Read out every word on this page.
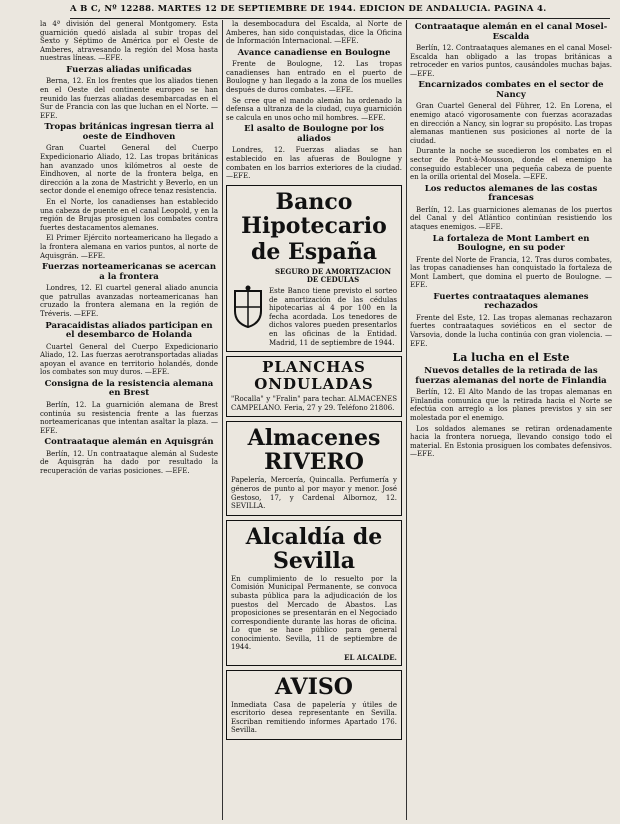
A B C, Nº 12288. MARTES 12 DE SEPTIEMBRE DE 1944. EDICION DE ANDALUCIA. PAGINA 4.

la 4ª división del general Montgomery. Esta guarnición quedó aislada al subir tropas del Sexto y Séptimo de América por el Oeste de Amberes, atravesando la región del Mosa hasta nuestras líneas. —EFE.

Fuerzas aliadas unificadas

Berna, 12. En los frentes que los aliados tienen en el Oeste del continente europeo se han reunido las fuerzas aliadas desembarcadas en el Sur de Francia con las que luchan en el Norte. —EFE.

Tropas británicas ingresan tierra al oeste de Eindhoven

Gran Cuartel General del Cuerpo Expedicionario Aliado, 12. Las tropas británicas han avanzado unos kilómetros al oeste de Eindhoven, al norte de la frontera belga, en dirección a la zona de Mastricht y Beverlo, en un sector donde el enemigo ofrece tenaz resistencia.

En el Norte, los canadienses han establecido una cabeza de puente en el canal Leopold, y en la región de Brujas prosiguen los combates contra fuertes destacamentos alemanes.

El Primer Ejército norteamericano ha llegado a la frontera alemana en varios puntos, al norte de Aquisgrán. —EFE.

Fuerzas norteamericanas se acercan a la frontera

Londres, 12. El cuartel general aliado anuncia que patrullas avanzadas norteamericanas han cruzado la frontera alemana en la región de Tréveris. —EFE.

Paracaidistas aliados participan en el desembarco de Holanda

Cuartel General del Cuerpo Expedicionario Aliado, 12. Las fuerzas aerotransportadas aliadas apoyan el avance en territorio holandés, donde los combates son muy duros. —EFE.

Consigna de la resistencia alemana en Brest

Berlín, 12. La guarnición alemana de Brest continúa su resistencia frente a las fuerzas norteamericanas que intentan asaltar la plaza. —EFE.

Contraataque alemán en Aquisgrán

Berlín, 12. Un contraataque alemán al Sudeste de Aquisgrán ha dado por resultado la recuperación de varias posiciones. —EFE.

la desembocadura del Escalda, al Norte de Amberes, han sido conquistadas, dice la Oficina de Información Internacional. —EFE.

Avance canadiense en Boulogne

Frente de Boulogne, 12. Las tropas canadienses han entrado en el puerto de Boulogne y han llegado a la zona de los muelles después de duros combates. —EFE.

Se cree que el mando alemán ha ordenado la defensa a ultranza de la ciudad, cuya guarnición se calcula en unos ocho mil hombres. —EFE.

El asalto de Boulogne por los aliados

Londres, 12. Fuerzas aliadas se han establecido en las afueras de Boulogne y combaten en los barrios exteriores de la ciudad. —EFE.

Banco Hipotecario
de España
SEGURO DE AMORTIZACION DE CEDULAS
Este Banco tiene previsto el sorteo de amortización de las cédulas hipotecarias al 4 por 100 en la fecha acordada. Los tenedores de dichos valores pueden presentarlos en las oficinas de la Entidad. Madrid, 11 de septiembre de 1944.
PLANCHAS ONDULADAS
"Rocalla" y "Fralin" para techar. ALMACENES CAMPELANO. Feria, 27 y 29. Teléfono 21806.
Almacenes RIVERO
Papelería, Mercería, Quincalla. Perfumería y géneros de punto al por mayor y menor. José Gestoso, 17, y Cardenal Albornoz, 12. SEVILLA.
Alcaldía de Sevilla
En cumplimiento de lo resuelto por la Comisión Municipal Permanente, se convoca subasta pública para la adjudicación de los puestos del Mercado de Abastos. Las proposiciones se presentarán en el Negociado correspondiente durante las horas de oficina. Lo que se hace público para general conocimiento. Sevilla, 11 de septiembre de 1944.
EL ALCALDE.
AVISO
Inmediata Casa de papelería y útiles de escritorio desea representante en Sevilla. Escriban remitiendo informes Apartado 176. Sevilla.
Contraataque alemán en el canal Mosel-Escalda

Berlín, 12. Contraataques alemanes en el canal Mosel-Escalda han obligado a las tropas británicas a retroceder en varios puntos, causándoles muchas bajas. —EFE.

Encarnizados combates en el sector de Nancy

Gran Cuartel General del Führer, 12. En Lorena, el enemigo atacó vigorosamente con fuerzas acorazadas en dirección a Nancy, sin lograr su propósito. Las tropas alemanas mantienen sus posiciones al norte de la ciudad.

Durante la noche se sucedieron los combates en el sector de Pont-à-Mousson, donde el enemigo ha conseguido establecer una pequeña cabeza de puente en la orilla oriental del Mosela. —EFE.

Los reductos alemanes de las costas francesas

Berlín, 12. Las guarniciones alemanas de los puertos del Canal y del Atlántico continúan resistiendo los ataques enemigos. —EFE.

La fortaleza de Mont Lambert en Boulogne, en su poder

Frente del Norte de Francia, 12. Tras duros combates, las tropas canadienses han conquistado la fortaleza de Mont Lambert, que domina el puerto de Boulogne. —EFE.

Fuertes contraataques alemanes rechazados

Frente del Este, 12. Las tropas alemanas rechazaron fuertes contraataques soviéticos en el sector de Varsovia, donde la lucha continúa con gran violencia. —EFE.

La lucha en el Este
Nuevos detalles de la retirada de las fuerzas alemanas del norte de Finlandia

Berlín, 12. El Alto Mando de las tropas alemanas en Finlandia comunica que la retirada hacia el Norte se efectúa con arreglo a los planes previstos y sin ser molestada por el enemigo.

Los soldados alemanes se retiran ordenadamente hacia la frontera noruega, llevando consigo todo el material. En Estonia prosiguen los combates defensivos. —EFE.
